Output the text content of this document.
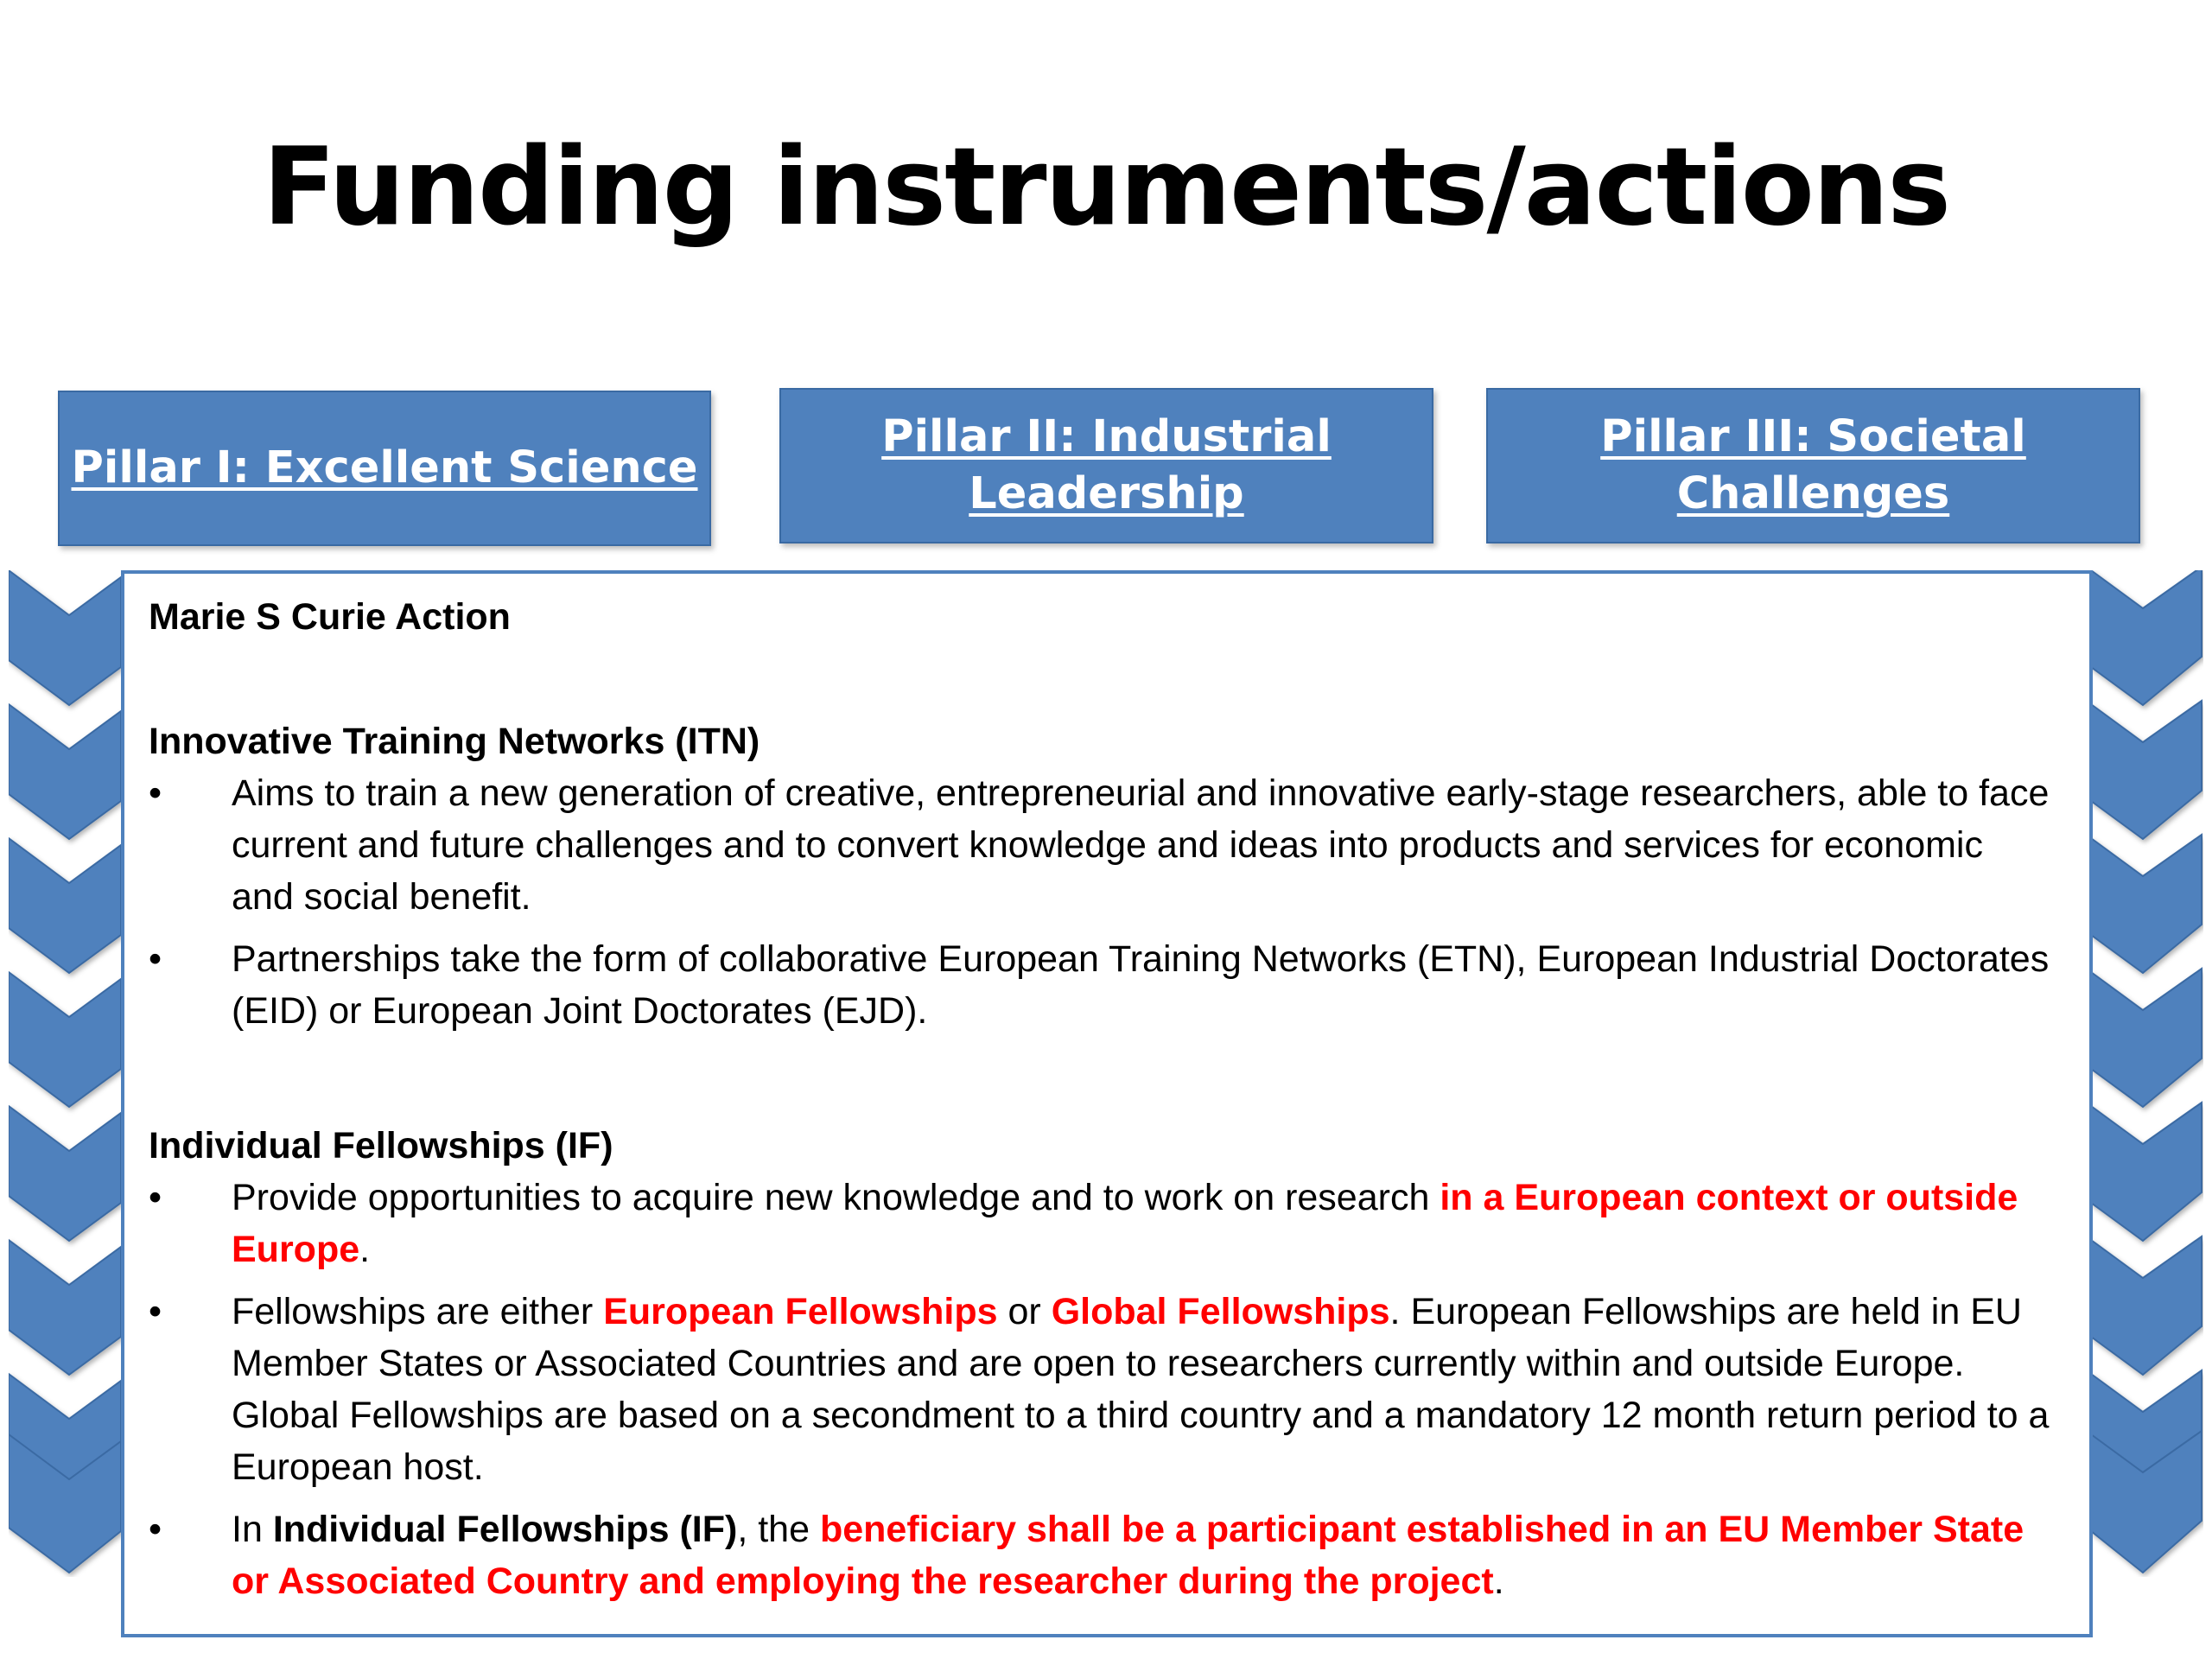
Funding instruments/actions
Pillar I: Excellent Science
Pillar II: Industrial
Leadership
Pillar III: Societal
Challenges

Marie S Curie Action

Innovative Training Networks (ITN)

• Aims to train a new generation of creative, entrepreneurial and innovative early-stage researchers, able to face current and future challenges and to convert knowledge and ideas into products and services for economic and social benefit.
• Partnerships take the form of collaborative European Training Networks (ETN), European Industrial Doctorates (EID) or European Joint Doctorates (EJD).

Individual Fellowships (IF)

• Provide opportunities to acquire new knowledge and to work on research in a European context or outside Europe.
• Fellowships are either European Fellowships or Global Fellowships. European Fellowships are held in EU Member States or Associated Countries and are open to researchers currently within and outside Europe. Global Fellowships are based on a secondment to a third country and a mandatory 12 month return period to a European host.
• In Individual Fellowships (IF), the beneficiary shall be a participant established in an EU Member State or Associated Country and employing the researcher during the project.
